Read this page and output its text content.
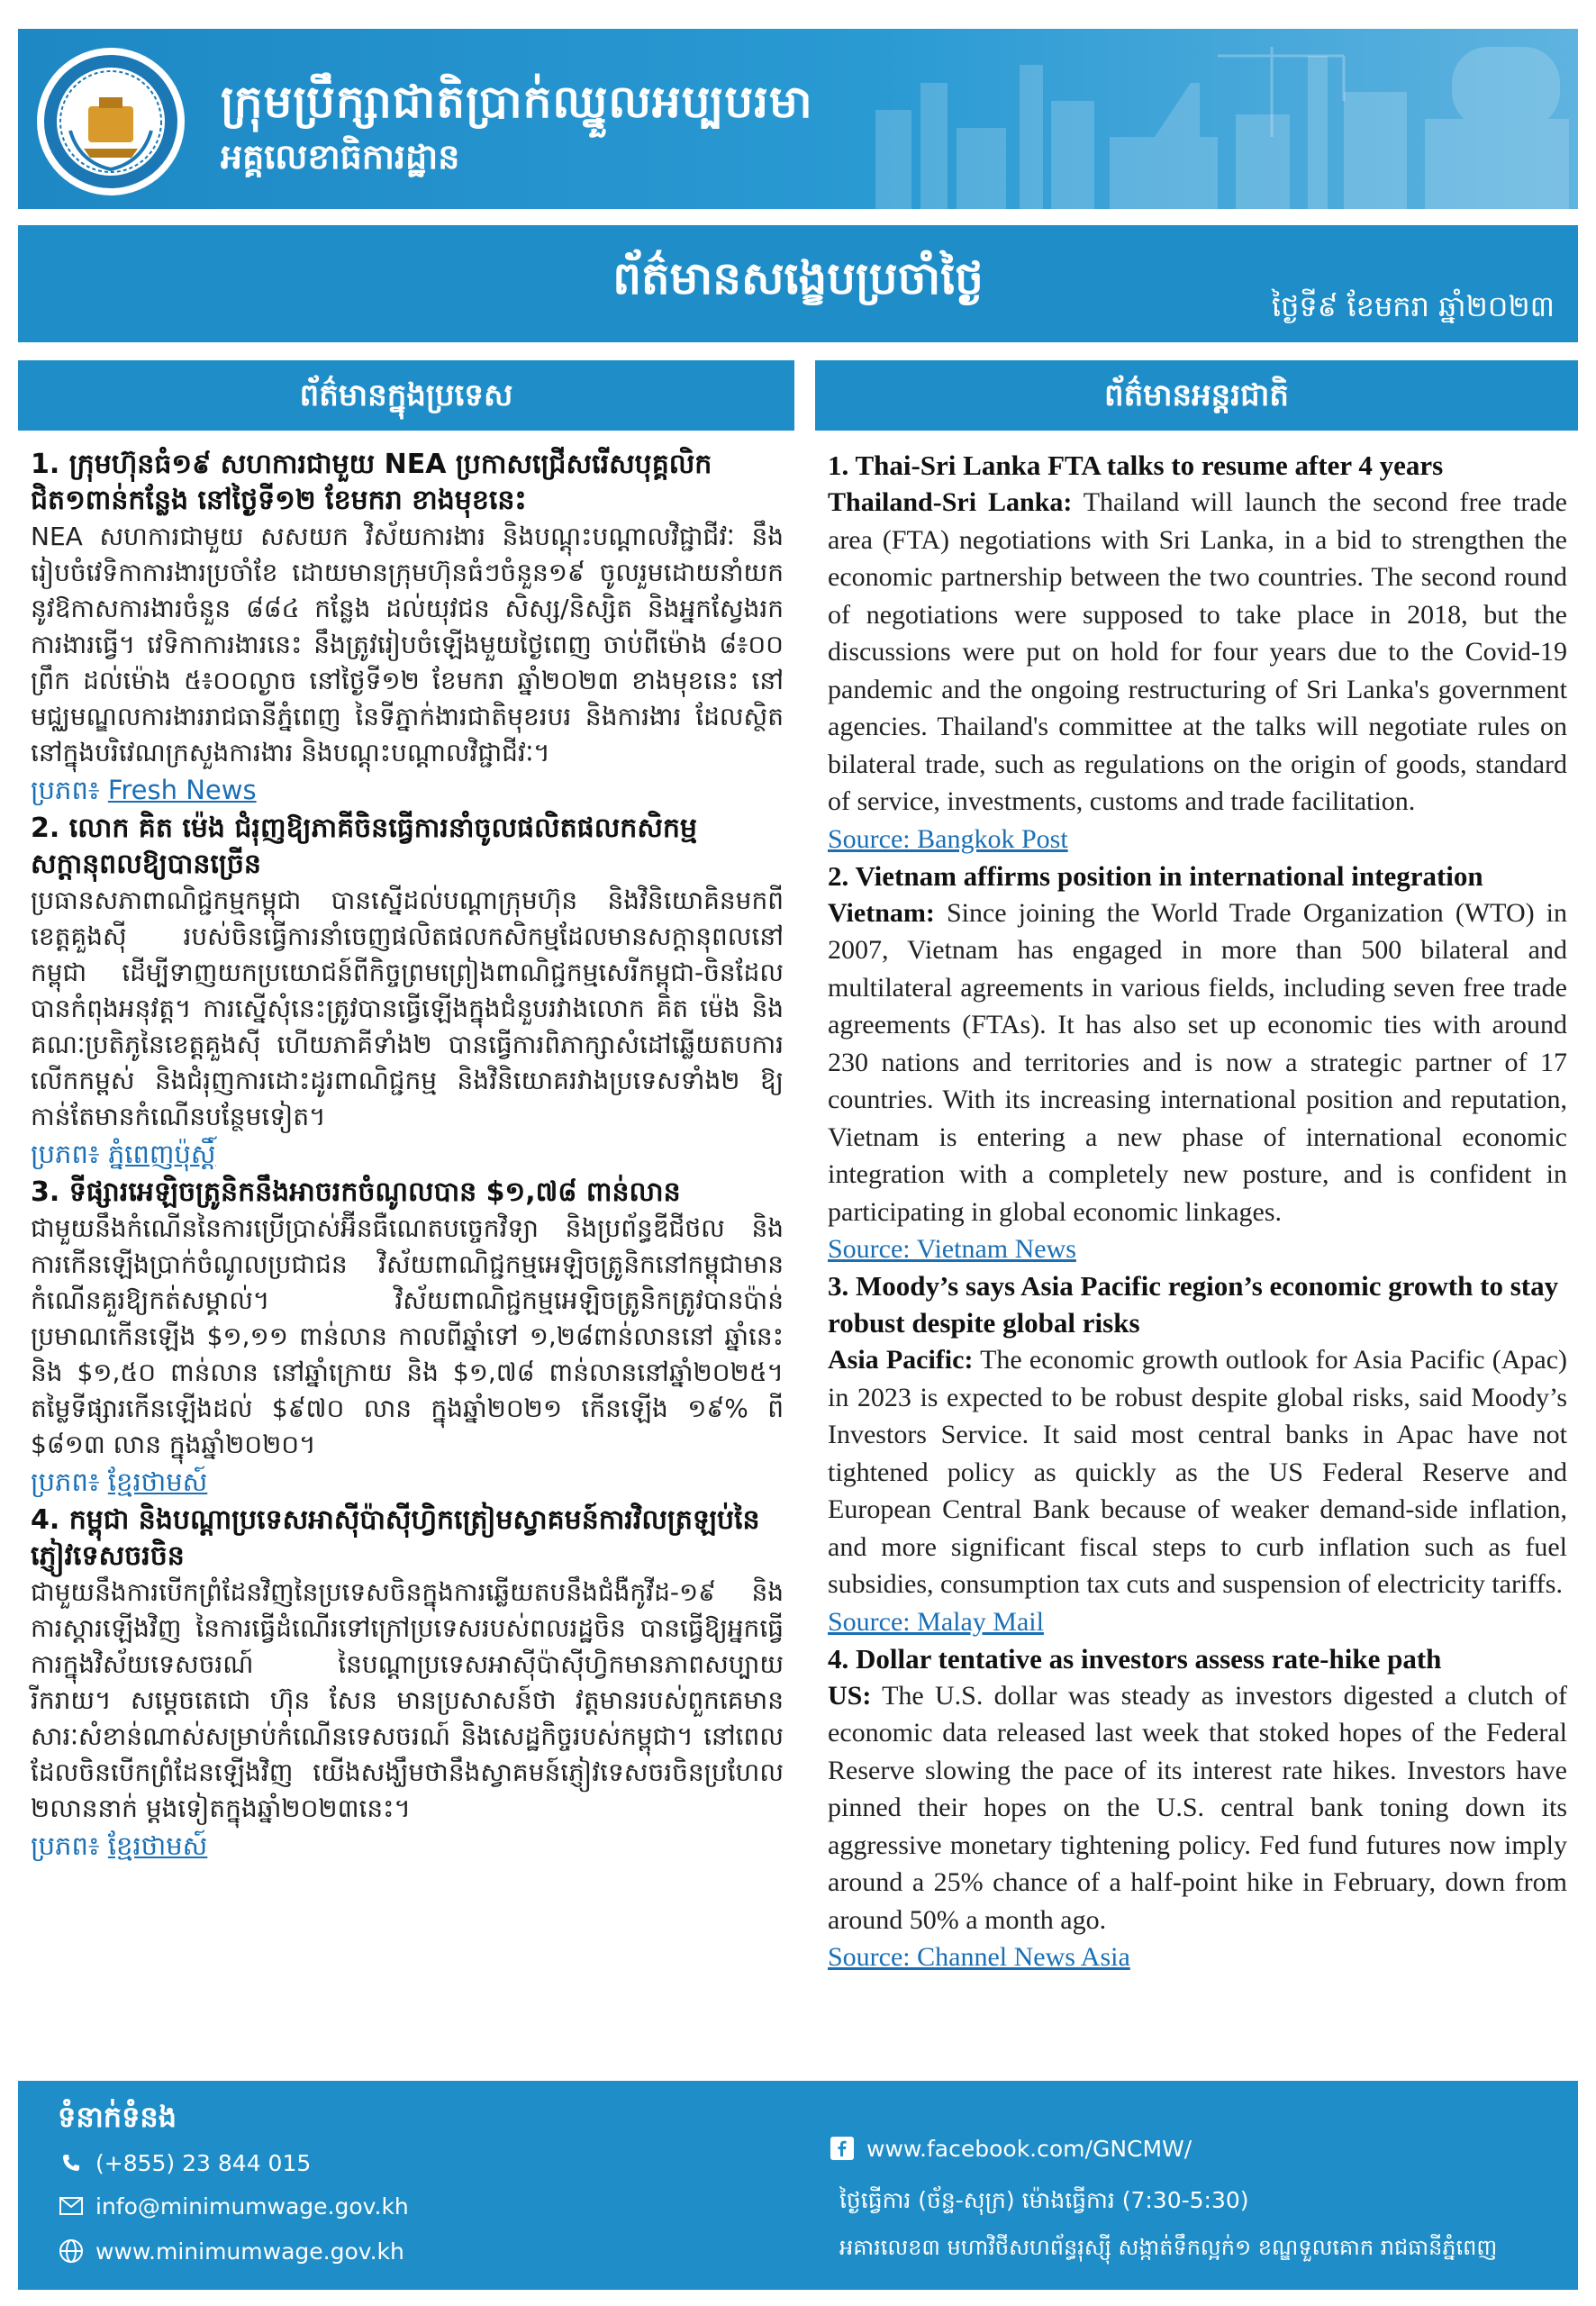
ក្រុមប្រឹក្សាជាតិប្រាក់ឈ្នួលអប្បបរមា
អគ្គលេខាធិការដ្ឋាន
ព័ត៌មានសង្ខេបប្រចាំថ្ងៃ
ថ្ងៃទី៩ ខែមករា ឆ្នាំ២០២៣
ព័ត៌មានក្នុងប្រទេស
1. ក្រុមហ៊ុនធំ១៩ សហការជាមួយ NEA ប្រកាសជ្រើសរើសបុគ្គលិកជិត១ពាន់កន្លែង នៅថ្ងៃទី១២ ខែមករា ខាងមុខនេះ
NEA សហការជាមួយ សសយក វិស័យការងារ និងបណ្ដុះបណ្ដាលវិជ្ជាជីវៈ នឹងរៀបចំវេទិកាការងារប្រចាំខែ ដោយមានក្រុមហ៊ុនធំៗចំនួន១៩ ចូលរួមដោយនាំយកនូវឱកាសការងារចំនួន ៨៨៤ កន្លែង ដល់យុវជន សិស្ស/និស្សិត និងអ្នកស្វែងរកការងារធ្វើ។ វេទិកាការងារនេះ នឹងត្រូវរៀបចំឡើងមួយថ្ងៃពេញ ចាប់ពីម៉ោង ៨៖០០ ព្រឹក ដល់ម៉ោង ៥៖០០ល្ងាច នៅថ្ងៃទី១២ ខែមករា ឆ្នាំ២០២៣ ខាងមុខនេះ នៅមជ្ឈមណ្ឌលការងាររាជធានីភ្នំពេញ នៃទីភ្នាក់ងារជាតិមុខរបរ និងការងារ ដែលស្ថិតនៅក្នុងបរិវេណក្រសួងការងារ និងបណ្ដុះបណ្ដាលវិជ្ជាជីវៈ។
ប្រភព៖ Fresh News
2. លោក គិត ម៉េង ជំរុញឱ្យភាគីចិនធ្វើការនាំចូលផលិតផលកសិកម្មសក្ដានុពលឱ្យបានច្រើន
ប្រធានសភាពាណិជ្ជកម្មកម្ពុជា បានស្នើដល់បណ្ដាក្រុមហ៊ុន និងវិនិយោគិនមកពីខេត្តគួងស៊ី របស់ចិនធ្វើការនាំចេញផលិតផលកសិកម្មដែលមានសក្ដានុពលនៅកម្ពុជា ដើម្បីទាញយកប្រយោជន៍ពីកិច្ចព្រមព្រៀងពាណិជ្ជកម្មសេរីកម្ពុជា-ចិនដែលបានកំពុងអនុវត្ត។ ការស្នើសុំនេះត្រូវបានធ្វើឡើងក្នុងជំនួបរវាងលោក គិត ម៉េង និងគណៈប្រតិភូនៃខេត្តគួងស៊ី ហើយភាគីទាំង២ បានធ្វើការពិភាក្សាសំដៅឆ្លើយតបការលើកកម្ពស់ និងជំរុញការដោះដូរពាណិជ្ជកម្ម និងវិនិយោគរវាងប្រទេសទាំង២ ឱ្យកាន់តែមានកំណើនបន្ថែមទៀត។
ប្រភព៖ ភ្នំពេញប៉ុស្តិ៍
3. ទីផ្សារអេឡិចត្រូនិកនឹងអាចរកចំណូលបាន $១,៧៨ ពាន់លាន
ជាមួយនឹងកំណើននៃការប្រើប្រាស់អ៊ីនធឺណេតបច្ចេកវិទ្យា និងប្រព័ន្ធឌីជីថល និងការកើនឡើងប្រាក់ចំណូលប្រជាជន វិស័យពាណិជ្ជកម្មអេឡិចត្រូនិកនៅកម្ពុជាមានកំណើនគួរឱ្យកត់សម្គាល់។ វិស័យពាណិជ្ជកម្មអេឡិចត្រូនិកត្រូវបានប៉ាន់ប្រមាណកើនឡើង $១,១១ ពាន់លាន កាលពីឆ្នាំទៅ ១,២៨ពាន់លាននៅ ឆ្នាំនេះ និង $១,៥០ ពាន់លាន នៅឆ្នាំក្រោយ និង $១,៧៨ ពាន់លាននៅឆ្នាំ២០២៥។ តម្លៃទីផ្សារកើនឡើងដល់ $៩៧០ លាន ក្នុងឆ្នាំ២០២១ កើនឡើង ១៩% ពី $៨១៣ លាន ក្នុងឆ្នាំ២០២០។
ប្រភព៖ ខ្មែរថាមស៍
4. កម្ពុជា និងបណ្ដាប្រទេសអាស៊ីប៉ាស៊ីហ្វិកត្រៀមស្វាគមន៍ការវិលត្រឡប់នៃភ្ញៀវទេសចរចិន
ជាមួយនឹងការបើកព្រំដែនវិញនៃប្រទេសចិនក្នុងការឆ្លើយតបនឹងជំងឺកូវីដ-១៩ និងការស្ដារឡើងវិញ នៃការធ្វើដំណើរទៅក្រៅប្រទេសរបស់ពលរដ្ឋចិន បានធ្វើឱ្យអ្នកធ្វើការក្នុងវិស័យទេសចរណ៍ នៃបណ្ដាប្រទេសអាស៊ីប៉ាស៊ីហ្វិកមានភាពសប្បាយរីករាយ។ សម្ដេចតេជោ ហ៊ុន សែន មានប្រសាសន៍ថា វត្តមានរបស់ពួកគេមានសារៈសំខាន់ណាស់សម្រាប់កំណើនទេសចរណ៍ និងសេដ្ឋកិច្ចរបស់កម្ពុជា។ នៅពេលដែលចិនបើកព្រំដែនឡើងវិញ យើងសង្ឃឹមថានឹងស្វាគមន៍ភ្ញៀវទេសចរចិនប្រហែល ២លាននាក់ ម្ដងទៀតក្នុងឆ្នាំ២០២៣នេះ។
ប្រភព៖ ខ្មែរថាមស៍
ព័ត៌មានអន្តរជាតិ
1. Thai-Sri Lanka FTA talks to resume after 4 years
Thailand-Sri Lanka: Thailand will launch the second free trade area (FTA) negotiations with Sri Lanka, in a bid to strengthen the economic partnership between the two countries. The second round of negotiations were supposed to take place in 2018, but the discussions were put on hold for four years due to the Covid-19 pandemic and the ongoing restructuring of Sri Lanka's government agencies. Thailand's committee at the talks will negotiate rules on bilateral trade, such as regulations on the origin of goods, standard of service, investments, customs and trade facilitation.
Source: Bangkok Post
2. Vietnam affirms position in international integration
Vietnam: Since joining the World Trade Organization (WTO) in 2007, Vietnam has engaged in more than 500 bilateral and multilateral agreements in various fields, including seven free trade agreements (FTAs). It has also set up economic ties with around 230 nations and territories and is now a strategic partner of 17 countries. With its increasing international position and reputation, Vietnam is entering a new phase of international economic integration with a completely new posture, and is confident in participating in global economic linkages.
Source: Vietnam News
3. Moody’s says Asia Pacific region’s economic growth to stay robust despite global risks
Asia Pacific: The economic growth outlook for Asia Pacific (Apac) in 2023 is expected to be robust despite global risks, said Moody’s Investors Service. It said most central banks in Apac have not tightened policy as quickly as the US Federal Reserve and European Central Bank because of weaker demand-side inflation, and more significant fiscal steps to curb inflation such as fuel subsidies, consumption tax cuts and suspension of electricity tariffs.
Source: Malay Mail
4. Dollar tentative as investors assess rate-hike path
US: The U.S. dollar was steady as investors digested a clutch of economic data released last week that stoked hopes of the Federal Reserve slowing the pace of its interest rate hikes. Investors have pinned their hopes on the U.S. central bank toning down its aggressive monetary tightening policy. Fed fund futures now imply around a 25% chance of a half-point hike in February, down from around 50% a month ago.
Source: Channel News Asia
ទំនាក់ទំនង
(+855) 23 844 015
info@minimumwage.gov.kh
www.minimumwage.gov.kh
www.facebook.com/GNCMW/
ថ្ងៃធ្វើការ (ច័ន្ទ-សុក្រ) ម៉ោងធ្វើការ (7:30-5:30)
អគារលេខ៣ មហាវិថីសហព័ន្ធរុស្ស៊ី សង្កាត់ទឹកល្អក់១ ខណ្ឌទួលគោក រាជធានីភ្នំពេញ
